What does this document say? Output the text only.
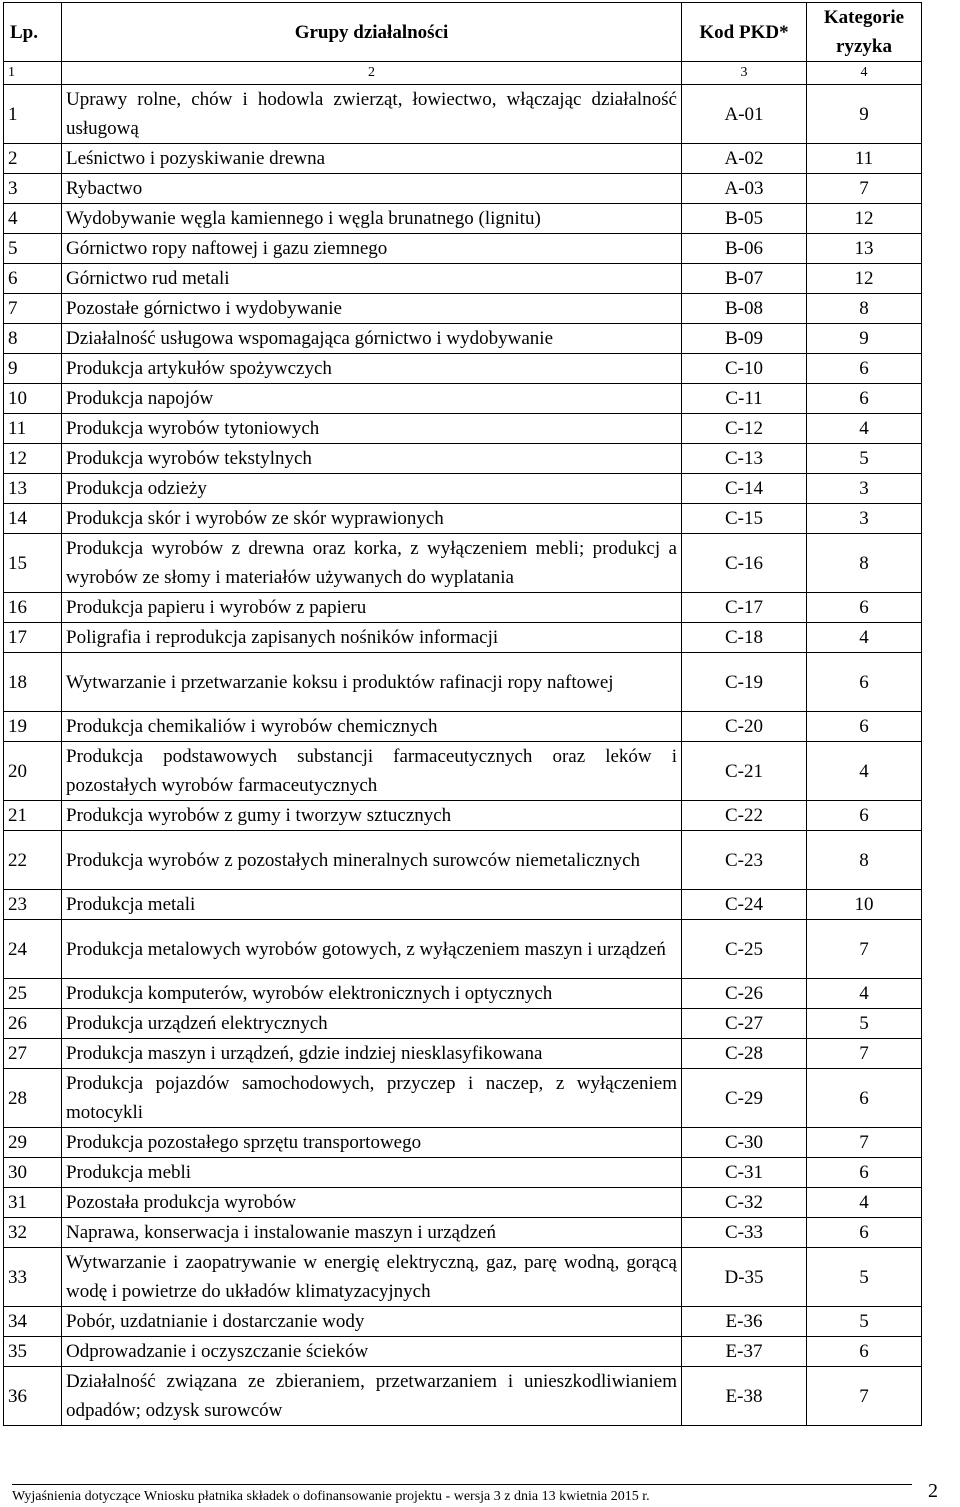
Lp.	Grupy działalności	Kod PKD*	Kategorie ryzyka
1	2	3	4
1	Uprawy rolne, chów i hodowla zwierząt, łowiectwo, włączając działalność usługową	A-01	9
2	Leśnictwo i pozyskiwanie drewna	A-02	11
3	Rybactwo	A-03	7
4	Wydobywanie węgla kamiennego i węgla brunatnego (lignitu)	B-05	12
5	Górnictwo ropy naftowej i gazu ziemnego	B-06	13
6	Górnictwo rud metali	B-07	12
7	Pozostałe górnictwo i wydobywanie	B-08	8
8	Działalność usługowa wspomagająca górnictwo i wydobywanie	B-09	9
9	Produkcja artykułów spożywczych	C-10	6
10	Produkcja napojów	C-11	6
11	Produkcja wyrobów tytoniowych	C-12	4
12	Produkcja wyrobów tekstylnych	C-13	5
13	Produkcja odzieży	C-14	3
14	Produkcja skór i wyrobów ze skór wyprawionych	C-15	3
15	Produkcja wyrobów z drewna oraz korka, z wyłączeniem mebli; produkcj a wyrobów ze słomy i materiałów używanych do wyplatania	C-16	8
16	Produkcja papieru i wyrobów z papieru	C-17	6
17	Poligrafia i reprodukcja zapisanych nośników informacji	C-18	4
18	Wytwarzanie i przetwarzanie koksu i produktów rafinacji ropy naftowej	C-19	6
19	Produkcja chemikaliów i wyrobów chemicznych	C-20	6
20	Produkcja podstawowych substancji farmaceutycznych oraz leków i pozostałych wyrobów farmaceutycznych	C-21	4
21	Produkcja wyrobów z gumy i tworzyw sztucznych	C-22	6
22	Produkcja wyrobów z pozostałych mineralnych surowców niemetalicznych	C-23	8
23	Produkcja metali	C-24	10
24	Produkcja metalowych wyrobów gotowych, z wyłączeniem maszyn i urządzeń	C-25	7
25	Produkcja komputerów, wyrobów elektronicznych i optycznych	C-26	4
26	Produkcja urządzeń elektrycznych	C-27	5
27	Produkcja maszyn i urządzeń, gdzie indziej niesklasyfikowana	C-28	7
28	Produkcja pojazdów samochodowych, przyczep i naczep, z wyłączeniem motocykli	C-29	6
29	Produkcja pozostałego sprzętu transportowego	C-30	7
30	Produkcja mebli	C-31	6
31	Pozostała produkcja wyrobów	C-32	4
32	Naprawa, konserwacja i instalowanie maszyn i urządzeń	C-33	6
33	Wytwarzanie i zaopatrywanie w energię elektryczną, gaz, parę wodną, gorącą wodę i powietrze do układów klimatyzacyjnych	D-35	5
34	Pobór, uzdatnianie i dostarczanie wody	E-36	5
35	Odprowadzanie i oczyszczanie ścieków	E-37	6
36	Działalność związana ze zbieraniem, przetwarzaniem i unieszkodliwianiem odpadów; odzysk surowców	E-38	7
Wyjaśnienia dotyczące Wniosku płatnika składek o dofinansowanie projektu - wersja 3 z dnia 13 kwietnia 2015 r.	2
